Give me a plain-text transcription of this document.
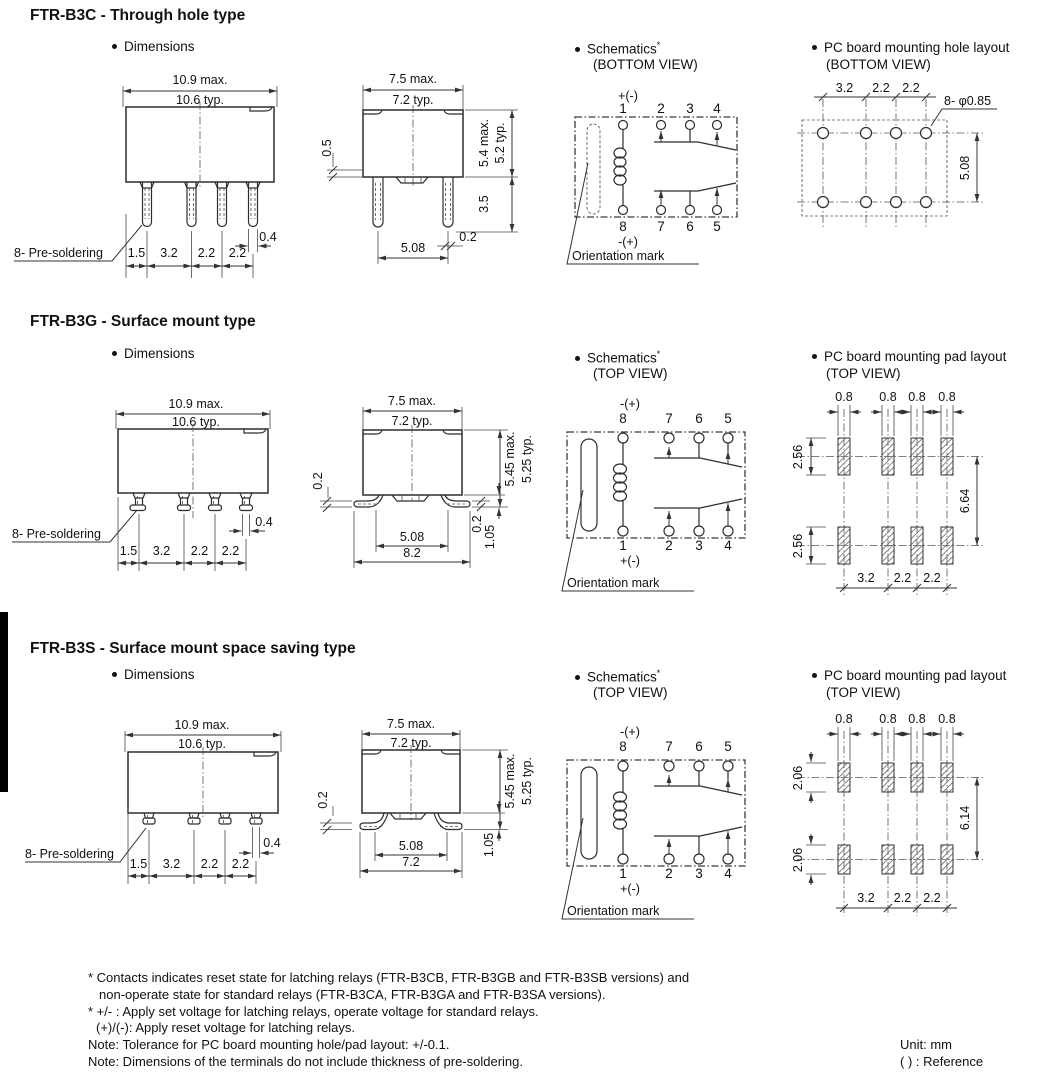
FTR-B3C - Through hole type
Dimensions	Schematics*
(BOTTOM VIEW)
PC board mounting hole layout
(BOTTOM VIEW)
10.9 max.
10.6 typ.
0.4
1.5 3.2 2.2 2.2
8- Pre-soldering
7.5 max.
7.2 typ.
0.5	5.4 max. 5.2 typ.
3.5
0.2
5.08
+(-)
1 2 3 4
8 7 6 5
-(+)
Orientation mark
3.2 2.2 2.2
8- φ0.85
5.08
FTR-B3G - Surface mount type
Dimensions	Schematics*
(TOP VIEW)
PC board mounting pad layout
(TOP VIEW)
10.9 max.
10.6 typ.
0.4
1.5 3.2 2.2 2.2
8- Pre-soldering
7.5 max.
7.2 typ.
0.2	5.45 max. 5.25 typ.
0.2
1.05
5.08
8.2
-(+)
8	7 6 5
1	2 3 4
+(-)
Orientation mark
0.8 0.8 0.8 0.8
2.56
2.56
6.64
3.2 2.2 2.2
FTR-B3S - Surface mount space saving type
Dimensions	Schematics*
(TOP VIEW)
PC board mounting pad layout
(TOP VIEW)
10.9 max.
10.6 typ.
0.4
1.5 3.2 2.2 2.2
8- Pre-soldering
7.5 max.
7.2 typ.
0.2	5.45 max. 5.25 typ.
1.05
5.08
7.2
-(+)
8	7 6 5
1	2 3 4
+(-)
Orientation mark
0.8 0.8 0.8 0.8
2.06
2.06
6.14
3.2 2.2 2.2
* Contacts indicates reset state for latching relays (FTR-B3CB, FTR-B3GB and FTR-B3SB versions) and
non-operate state for standard relays (FTR-B3CA, FTR-B3GA and FTR-B3SA versions).
* +/- : Apply set voltage for latching relays, operate voltage for standard relays.
(+)/(-): Apply reset voltage for latching relays.
Note: Tolerance for PC board mounting hole/pad layout: +/-0.1.
Note: Dimensions of the terminals do not include thickness of pre-soldering.
Unit: mm
( ) : Reference
